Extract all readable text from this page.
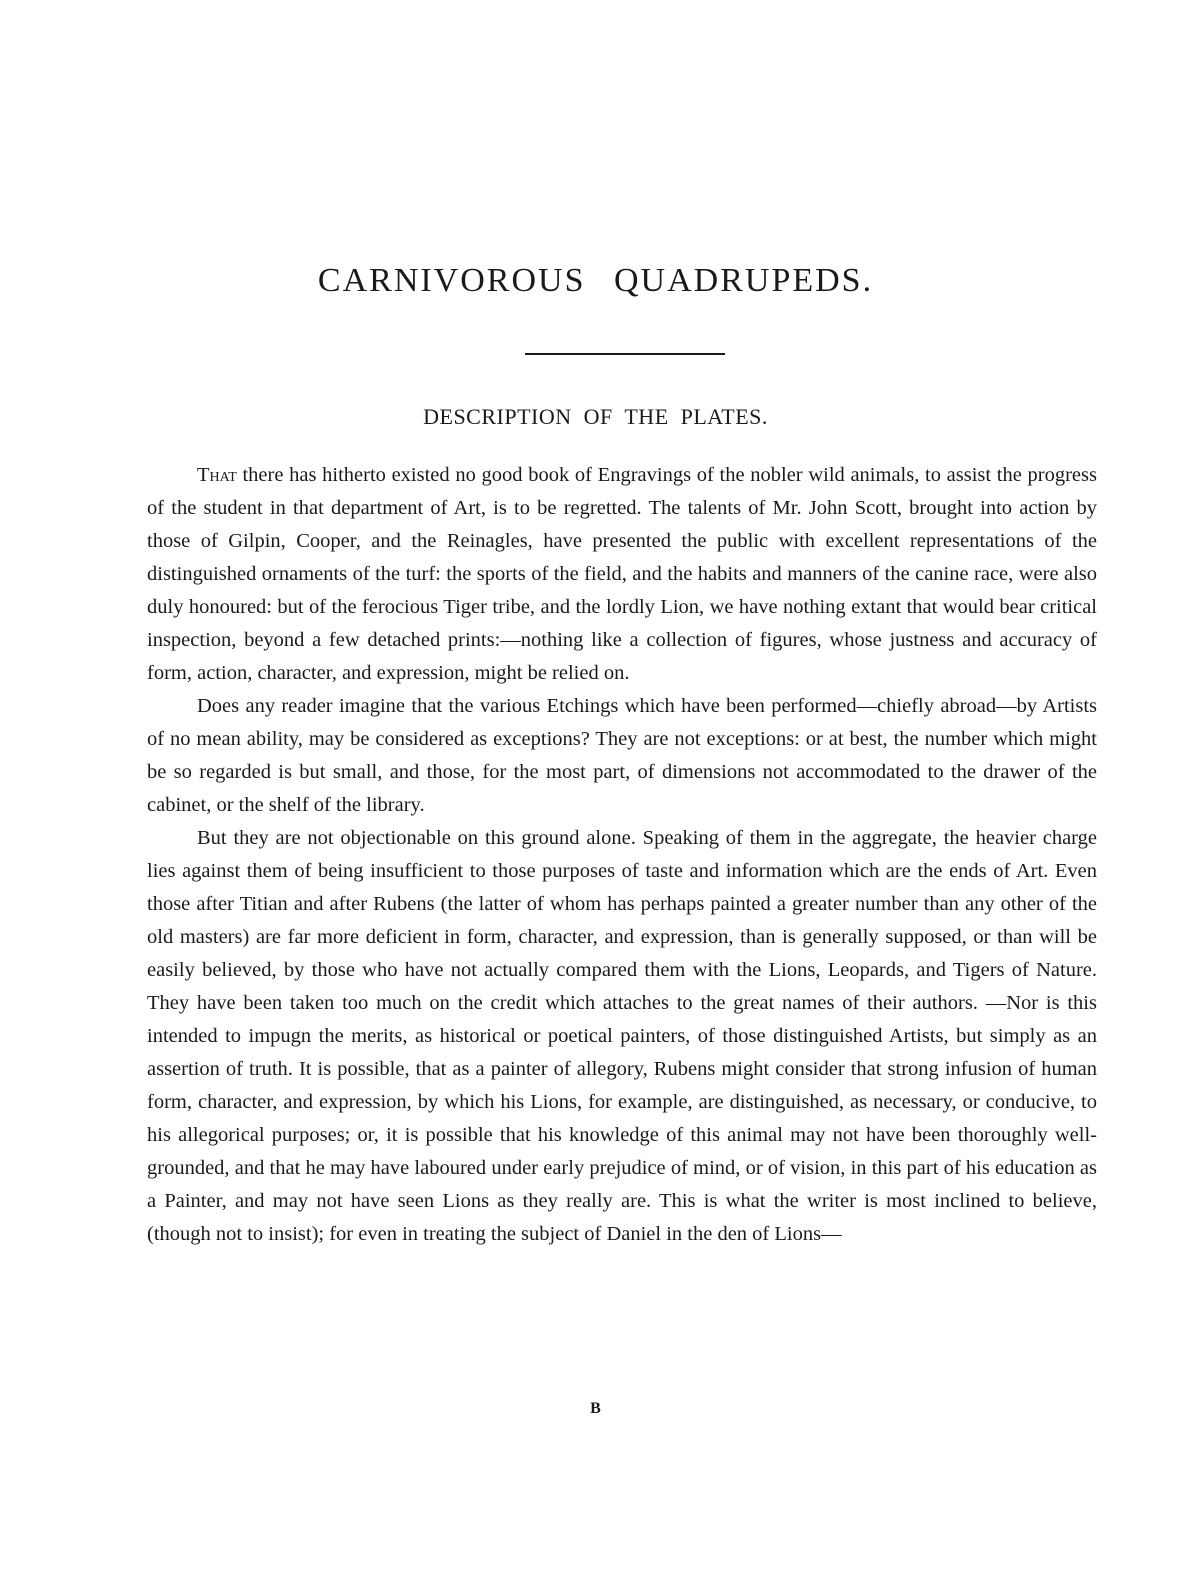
CARNIVOROUS QUADRUPEDS.
DESCRIPTION OF THE PLATES.

That there has hitherto existed no good book of Engravings of the nobler wild animals, to assist the progress of the student in that department of Art, is to be regretted. The talents of Mr. John Scott, brought into action by those of Gilpin, Cooper, and the Reinagles, have presented the public with excellent representations of the distinguished ornaments of the turf: the sports of the field, and the habits and manners of the canine race, were also duly honoured: but of the ferocious Tiger tribe, and the lordly Lion, we have nothing extant that would bear critical inspection, beyond a few detached prints:—nothing like a collection of figures, whose justness and accuracy of form, action, character, and expression, might be relied on.

Does any reader imagine that the various Etchings which have been performed—chiefly abroad—by Artists of no mean ability, may be considered as exceptions? They are not exceptions: or at best, the number which might be so regarded is but small, and those, for the most part, of dimensions not accommodated to the drawer of the cabinet, or the shelf of the library.

But they are not objectionable on this ground alone. Speaking of them in the aggregate, the heavier charge lies against them of being insufficient to those purposes of taste and information which are the ends of Art. Even those after Titian and after Rubens (the latter of whom has perhaps painted a greater number than any other of the old masters) are far more deficient in form, character, and expression, than is generally supposed, or than will be easily believed, by those who have not actually compared them with the Lions, Leopards, and Tigers of Nature. They have been taken too much on the credit which attaches to the great names of their authors. —Nor is this intended to impugn the merits, as historical or poetical painters, of those distinguished Artists, but simply as an assertion of truth. It is possible, that as a painter of allegory, Rubens might consider that strong infusion of human form, character, and expression, by which his Lions, for example, are distinguished, as necessary, or conducive, to his allegorical purposes; or, it is possible that his knowledge of this animal may not have been thoroughly well-grounded, and that he may have laboured under early prejudice of mind, or of vision, in this part of his education as a Painter, and may not have seen Lions as they really are. This is what the writer is most inclined to believe, (though not to insist); for even in treating the subject of Daniel in the den of Lions—

B
